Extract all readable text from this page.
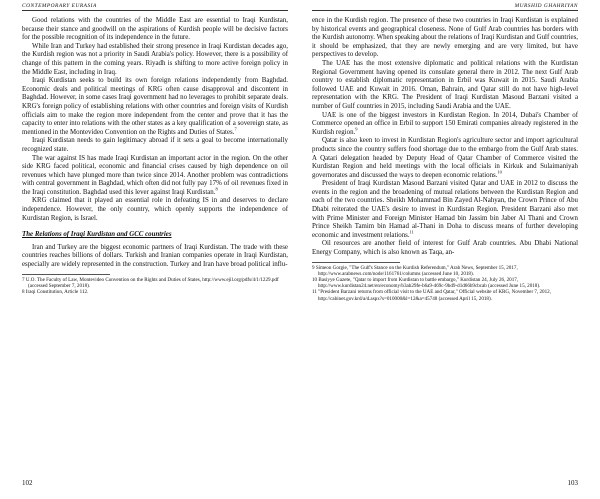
CONTEMPORARY EURASIA

Good relations with the countries of the Middle East are essential to Iraqi Kurdistan, because their stance and goodwill on the aspirations of Kurdish people will be decisive factors for the possible recognition of its independence in the future.

While Iran and Turkey had established their strong presence in Iraqi Kurdistan decades ago, the Kurdish region was not a priority in Saudi Arabia's policy. However, there is a possibility of change of this pattern in the coming years. Riyadh is shifting to more active foreign policy in the Middle East, including in Iraq.

Iraqi Kurdistan seeks to build its own foreign relations independently from Baghdad. Economic deals and political meetings of KRG often cause disapproval and discontent in Baghdad. However, in some cases Iraqi government had no leverages to prohibit separate deals. KRG's foreign policy of establishing relations with other countries and foreign visits of Kurdish officials aim to make the region more independent from the center and prove that it has the capacity to enter into relations with the other states as a key qualification of a sovereign state, as mentioned in the Montevideo Convention on the Rights and Duties of States.$^7$

Iraqi Kurdistan needs to gain legitimacy abroad if it sets a goal to become internationally recognized state.

The war against IS has made Iraqi Kurdistan an important actor in the region. On the other side KRG faced political, economic and financial crises caused by high dependence on oil revenues which have plunged more than twice since 2014. Another problem was contradictions with central government in Baghdad, which often did not fully pay 17% of oil revenues fixed in the Iraqi constitution. Baghdad used this lever against Iraqi Kurdistan.$^8$

KRG claimed that it played an essential role in defeating IS in and deserves to declare independence. However, the only country, which openly supports the independence of Kurdistan Region, is Israel.

The Relations of Iraqi Kurdistan and GCC countries

Iran and Turkey are the biggest economic partners of Iraqi Kurdistan. The trade with these countries reaches billions of dollars. Turkish and Iranian companies operate in Iraqi Kurdistan, especially are widely represented in the construction. Turkey and Iran have broad political influ-

7 U.O. The Faculty of Law, Montevideo Convention on the Rights and Duties of States, http://www.ejil.org/pdfs/4/1/1229.pdf (accessed September 7, 2018).

8 Iraqi Constitution, Article 112.

102
MURSHID GHAHRIYAN

ence in the Kurdish region. The presence of these two countries in Iraqi Kurdistan is explained by historical events and geographical closeness. None of Gulf Arab countries has borders with the Kurdish autonomy. When speaking about the relations of Iraqi Kurdistan and Gulf countries, it should be emphasized, that they are newly emerging and are very limited, but have perspectives to develop.

The UAE has the most extensive diplomatic and political relations with the Kurdistan Regional Government having opened its consulate general there in 2012. The next Gulf Arab country to establish diplomatic representation in Erbil was Kuwait in 2015. Saudi Arabia followed UAE and Kuwait in 2016. Oman, Bahrain, and Qatar still do not have high-level representation with the KRG. The President of Iraqi Kurdistan Masoud Barzani visited a number of Gulf countries in 2015, including Saudi Arabia and the UAE.

UAE is one of the biggest investors in Kurdistan Region. In 2014, Dubai's Chamber of Commerce opened an office in Erbil to support 150 Emirati companies already registered in the Kurdish region.$^9$

Qatar is also keen to invest in Kurdistan Region's agriculture sector and import agricultural products since the country suffers food shortage due to the embargo from the Gulf Arab states. A Qatari delegation headed by Deputy Head of Qatar Chamber of Commerce visited the Kurdistan Region and held meetings with the local officials in Kirkuk and Sulaimaniyah governorates and discussed the ways to deepen economic relations.$^{10}$

President of Iraqi Kurdistan Masoud Barzani visited Qatar and UAE in 2012 to discuss the events in the region and the broadening of mutual relations between the Kurdistan Region and each of the two countries. Sheikh Mohammad Bin Zayed Al-Nahyan, the Crown Prince of Abu Dhabi reiterated the UAE's desire to invest in Kurdistan Region. President Barzani also met with Prime Minister and Foreign Minister Hamad bin Jassim bin Jaber Al Thani and Crown Prince Sheikh Tamim bin Hamad al-Thani in Doha to discuss means of further developing economic and investment relations.$^{11}$

Oil resources are another field of interest for Gulf Arab countries. Abu Dhabi National Energy Company, which is also known as Taqa, an-

9 Simeon Gorgie, "The Gulf's Stance on the Kurdish Referendum," Arab News, September 15, 2017, http://www.arabnews.com/node/1161761/columns (accessed June 10, 2018).

10 Basiyye Gazete, "Qatar to import from Kurdistan to battle embargo," Kurdistan 24, July 26, 2017, http://www.kurdistan24.net/en/economy/b3ab29fe-b6a9-469c-9bd9-d1d66b9cbcab (accessed June 15, 2018).

11 "President Barzani returns from official visit to the UAE and Qatar," Official website of KRG, November 7, 2012, http://cabinet.gov.krd/a/d.aspx?s=010000&l=12&a=45748 (accessed April 15, 2018).

103
